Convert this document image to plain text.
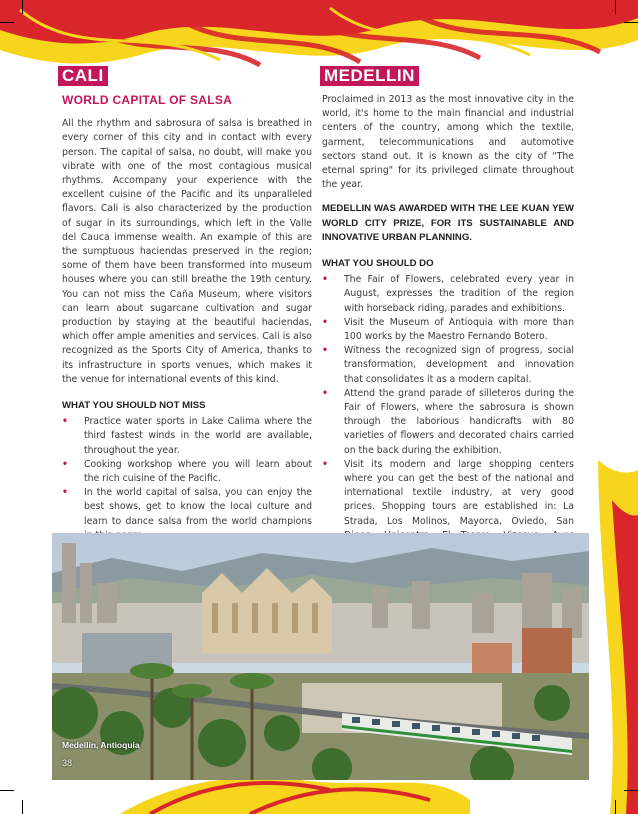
CALI
WORLD CAPITAL OF SALSA

All the rhythm and sabrosura of salsa is breathed in every corner of this city and in contact with every person. The capital of salsa, no doubt, will make you vibrate with one of the most contagious musical rhythms. Accompany your experience with the excellent cuisine of the Pacific and its unparalleled flavors. Cali is also characterized by the production of sugar in its surroundings, which left in the Valle del Cauca immense wealth. An example of this are the sumptuous haciendas preserved in the region; some of them have been transformed into museum houses where you can still breathe the 19th century. You can not miss the Caña Museum, where visitors can learn about sugarcane cultivation and sugar production by staying at the beautiful haciendas, which offer ample amenities and services. Cali is also recognized as the Sports City of America, thanks to its infrastructure in sports venues, which makes it the venue for international events of this kind.

WHAT YOU SHOULD NOT MISS
• Practice water sports in Lake Calima where the third fastest winds in the world are available, throughout the year.
• Cooking workshop where you will learn about the rich cuisine of the Pacific.
• In the world capital of salsa, you can enjoy the best shows, get to know the local culture and learn to dance salsa from the world champions
MEDELLIN

Proclaimed in 2013 as the most innovative city in the world, it's home to the main financial and industrial centers of the country, among which the textile, garment, telecommunications and automotive sectors stand out. It is known as the city of "The eternal spring" for its privileged climate throughout the year.

MEDELLIN WAS AWARDED WITH THE LEE KUAN YEW WORLD CITY PRIZE, FOR ITS SUSTAINABLE AND INNOVATIVE URBAN PLANNING.

WHAT YOU SHOULD DO
• The Fair of Flowers, celebrated every year in August, expresses the tradition of the region with horseback riding, parades and exhibitions.
• Visit the Museum of Antioquia with more than 100 works by the Maestro Fernando Botero.
• Witness the recognized sign of progress, social transformation, development and innovation that consolidates it as a modern capital.
• Attend the grand parade of silleteros during the Fair of Flowers, where the sabrosura is shown through the laborious handicrafts with 80 varieties of flowers and decorated chairs carried on the back during the exhibition.
• Visit its modern and large shopping centers where you can get the best of the national and international textile industry, at very good prices. Shopping tours are established in: La Strada, Los Molinos, Mayorca, Oviedo, San
Medellín, Antioquia
38
